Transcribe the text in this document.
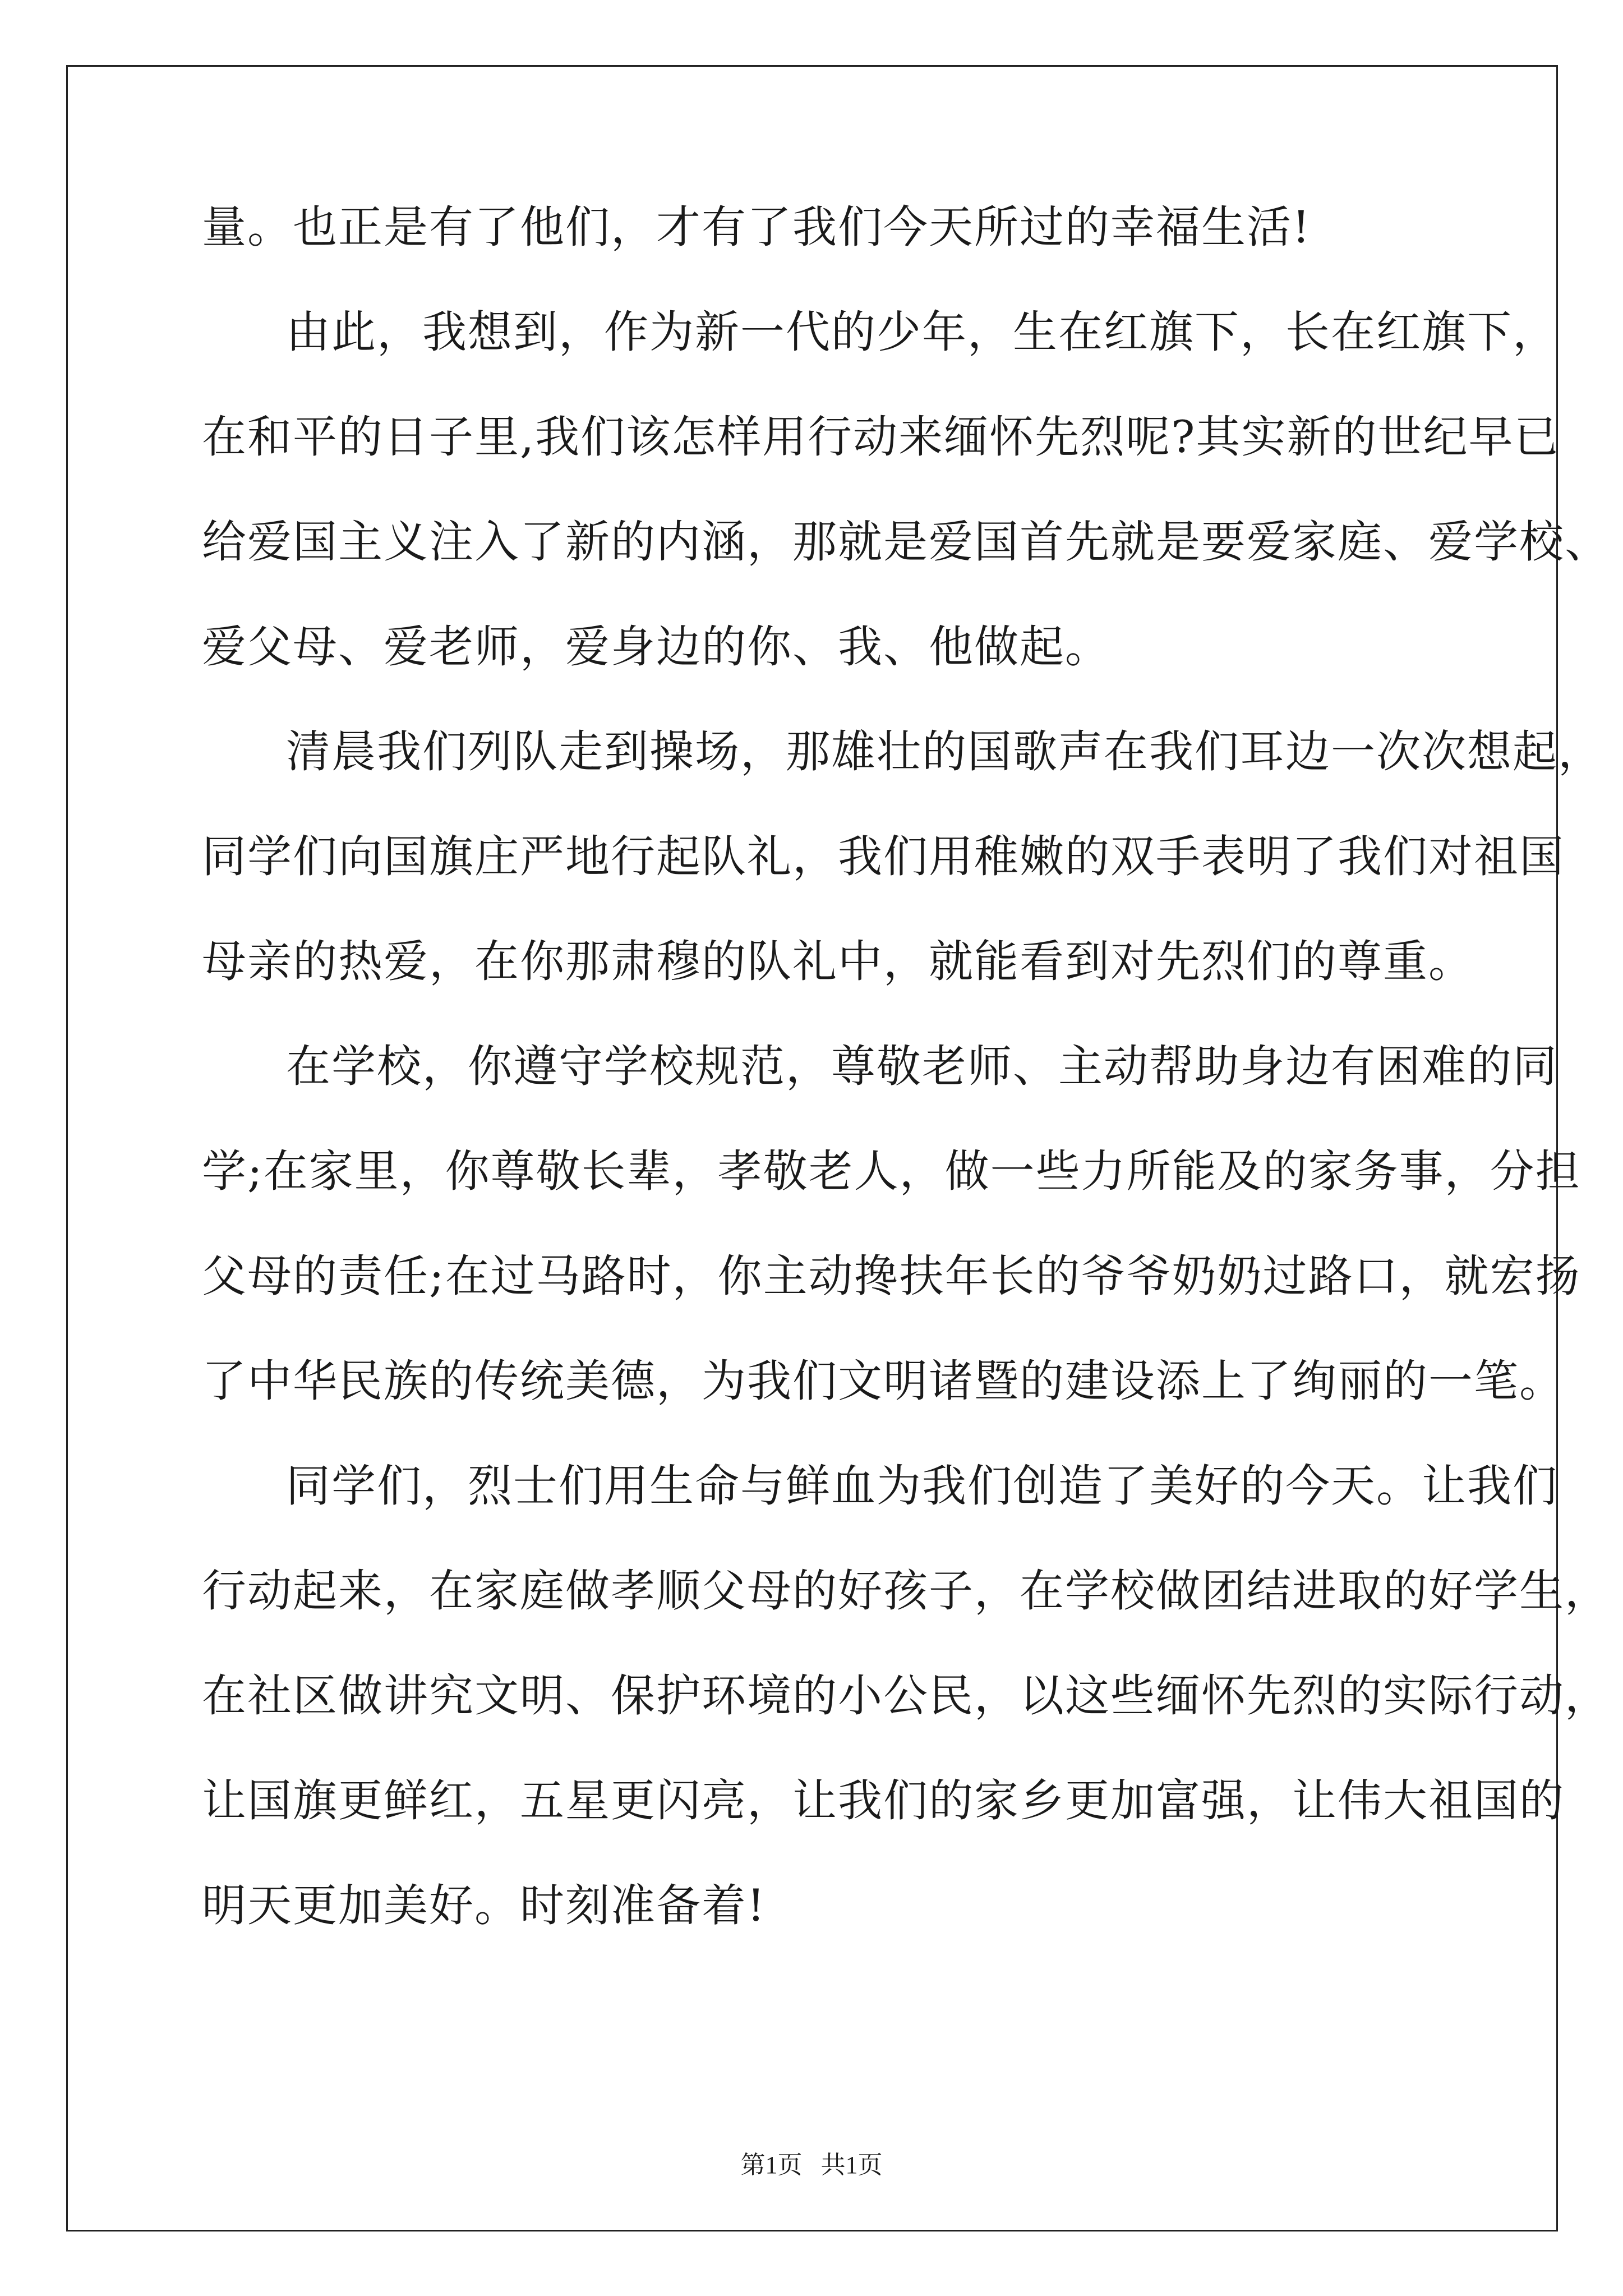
量。也正是有了他们，才有了我们今天所过的幸福生活!
由此，我想到，作为新一代的少年，生在红旗下，长在红旗下，
在和平的日子里,我们该怎样用行动来缅怀先烈呢?其实新的世纪早已
给爱国主义注入了新的内涵，那就是爱国首先就是要爱家庭、爱学校、
爱父母、爱老师，爱身边的你、我、他做起。
清晨我们列队走到操场，那雄壮的国歌声在我们耳边一次次想起，
同学们向国旗庄严地行起队礼，我们用稚嫩的双手表明了我们对祖国
母亲的热爱，在你那肃穆的队礼中，就能看到对先烈们的尊重。
在学校，你遵守学校规范，尊敬老师、主动帮助身边有困难的同
学;在家里，你尊敬长辈，孝敬老人，做一些力所能及的家务事，分担
父母的责任;在过马路时，你主动搀扶年长的爷爷奶奶过路口，就宏扬
了中华民族的传统美德，为我们文明诸暨的建设添上了绚丽的一笔。
同学们，烈士们用生命与鲜血为我们创造了美好的今天。让我们
行动起来，在家庭做孝顺父母的好孩子，在学校做团结进取的好学生，
在社区做讲究文明、保护环境的小公民，以这些缅怀先烈的实际行动，
让国旗更鲜红，五星更闪亮，让我们的家乡更加富强，让伟大祖国的
明天更加美好。时刻准备着!
第1页   共1页
